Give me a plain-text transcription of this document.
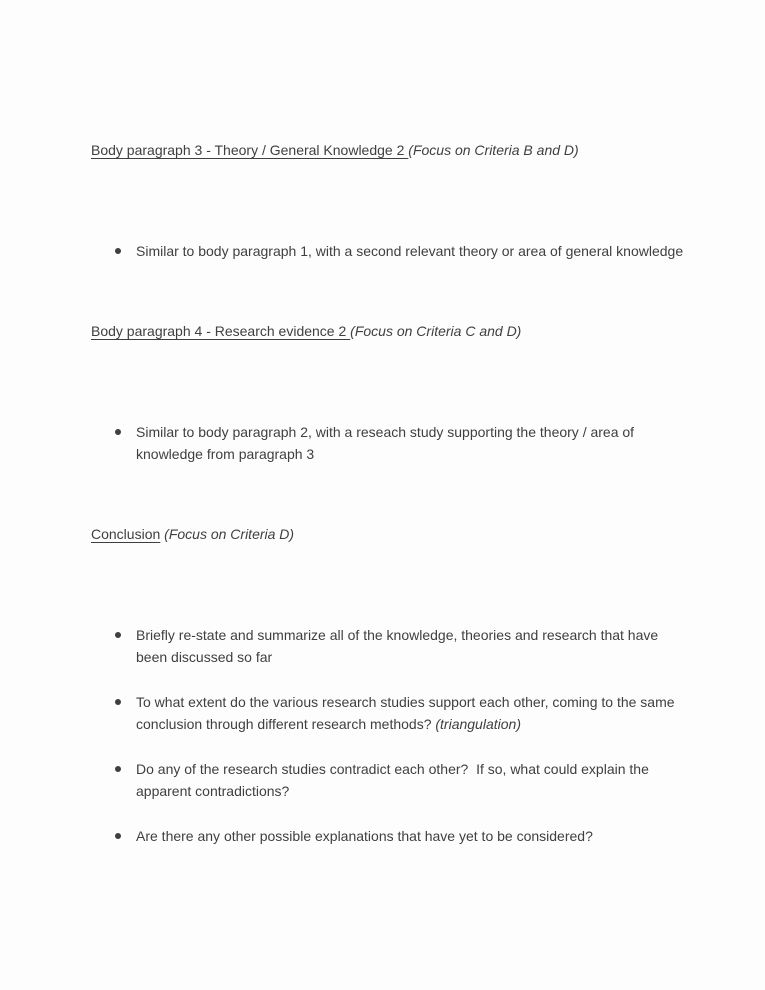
Body paragraph 3 - Theory / General Knowledge 2 (Focus on Criteria B and D)
Similar to body paragraph 1, with a second relevant theory or area of general knowledge
Body paragraph 4 - Research evidence 2 (Focus on Criteria C and D)
Similar to body paragraph 2, with a reseach study supporting the theory / area of knowledge from paragraph 3
Conclusion (Focus on Criteria D)
Briefly re-state and summarize all of the knowledge, theories and research that have been discussed so far
To what extent do the various research studies support each other, coming to the same conclusion through different research methods? (triangulation)
Do any of the research studies contradict each other?  If so, what could explain the apparent contradictions?
Are there any other possible explanations that have yet to be considered?
